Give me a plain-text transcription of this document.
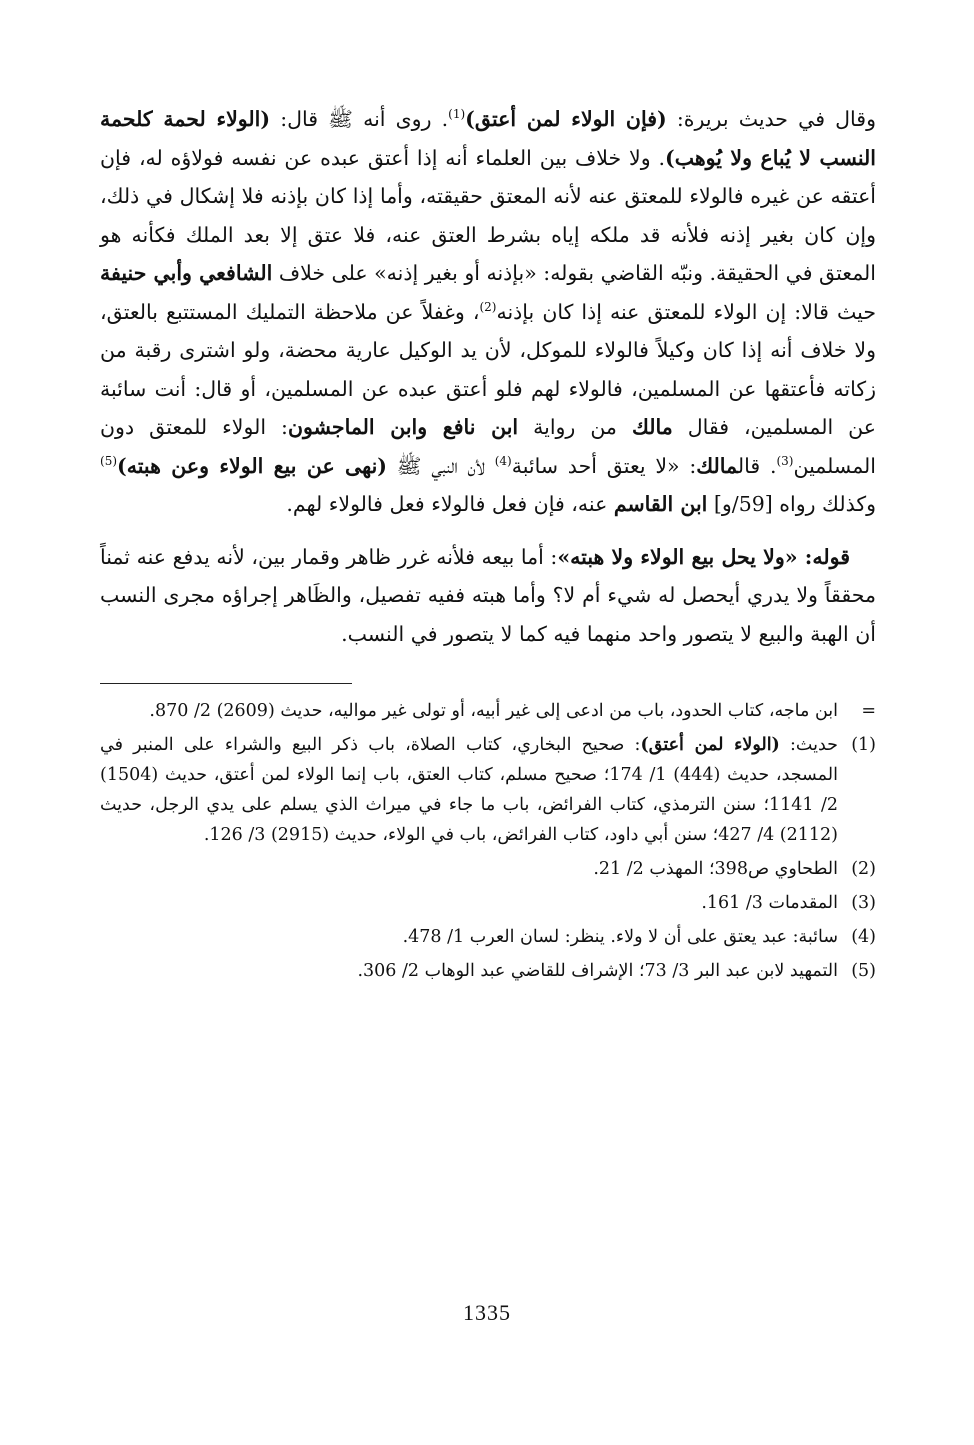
وقال في حديث بريرة: (فإن الولاء لمن أعتق)$^{(1)}$. روى أنه ﷺ قال: (الولاء لحمة كلحمة النسب لا يُباع ولا يُوهب). ولا خلاف بين العلماء أنه إذا أعتق عبده عن نفسه فولاؤه له، فإن أعتقه عن غيره فالولاء للمعتق عنه لأنه المعتق حقيقته، وأما إذا كان بإذنه فلا إشكال في ذلك، وإن كان بغير إذنه فلأنه قد ملكه إياه بشرط العتق عنه، فلا عتق إلا بعد الملك فكأنه هو المعتق في الحقيقة. ونبّه القاضي بقوله: «بإذنه أو بغير إذنه» على خلاف الشافعي وأبي حنيفة حيث قالا: إن الولاء للمعتق عنه إذا كان بإذنه$^{(2)}$، وغفلاً عن ملاحظة التمليك المستتبع بالعتق، ولا خلاف أنه إذا كان وكيلاً فالولاء للموكل، لأن يد الوكيل عارية محضة، ولو اشترى رقبة من زكاته فأعتقها عن المسلمين، فالولاء لهم فلو أعتق عبده عن المسلمين، أو قال: أنت سائبة عن المسلمين، فقال مالك من رواية ابن نافع وابن الماجشون: الولاء للمعتق دون المسلمين$^{(3)}$. قالمالك: «لا يعتق أحد سائبة$^{(4)}$ لأن النبي ﷺ (نهى عن بيع الولاء وعن هبته)$^{(5)}$ وكذلك رواه [59/و] ابن القاسم عنه، فإن فعل فالولاء فعل فالولاء لهم.

قوله: «ولا يحل بيع الولاء ولا هبته»: أما بيعه فلأنه غرر ظاهر وقمار بين، لأنه يدفع عنه ثمناً محققاً ولا يدري أيحصل له شيء أم لا؟ وأما هبته ففيه تفصيل، والظَاهر إجراؤه مجرى النسب أن الهبة والبيع لا يتصور واحد منهما فيه كما لا يتصور في النسب.

=
ابن ماجه، كتاب الحدود، باب من ادعى إلى غير أبيه، أو تولى غير مواليه، حديث (2609) 2/ 870.
(1)
حديث: (الولاء لمن أعتق): صحيح البخاري، كتاب الصلاة، باب ذكر البيع والشراء على المنبر في المسجد، حديث (444) 1/ 174؛ صحيح مسلم، كتاب العتق، باب إنما الولاء لمن أعتق، حديث (1504) 2/ 1141؛ سنن الترمذي، كتاب الفرائض، باب ما جاء في ميراث الذي يسلم على يدي الرجل، حديث (2112) 4/ 427؛ سنن أبي داود، كتاب الفرائض، باب في الولاء، حديث (2915) 3/ 126.
(2)
الطحاوي ص398؛ المهذب 2/ 21.
(3)
المقدمات 3/ 161.
(4)
سائبة: عبد يعتق على أن لا ولاء. ينظر: لسان العرب 1/ 478.
(5)
التمهيد لابن عبد البر 3/ 73؛ الإشراف للقاضي عبد الوهاب 2/ 306.
1335
